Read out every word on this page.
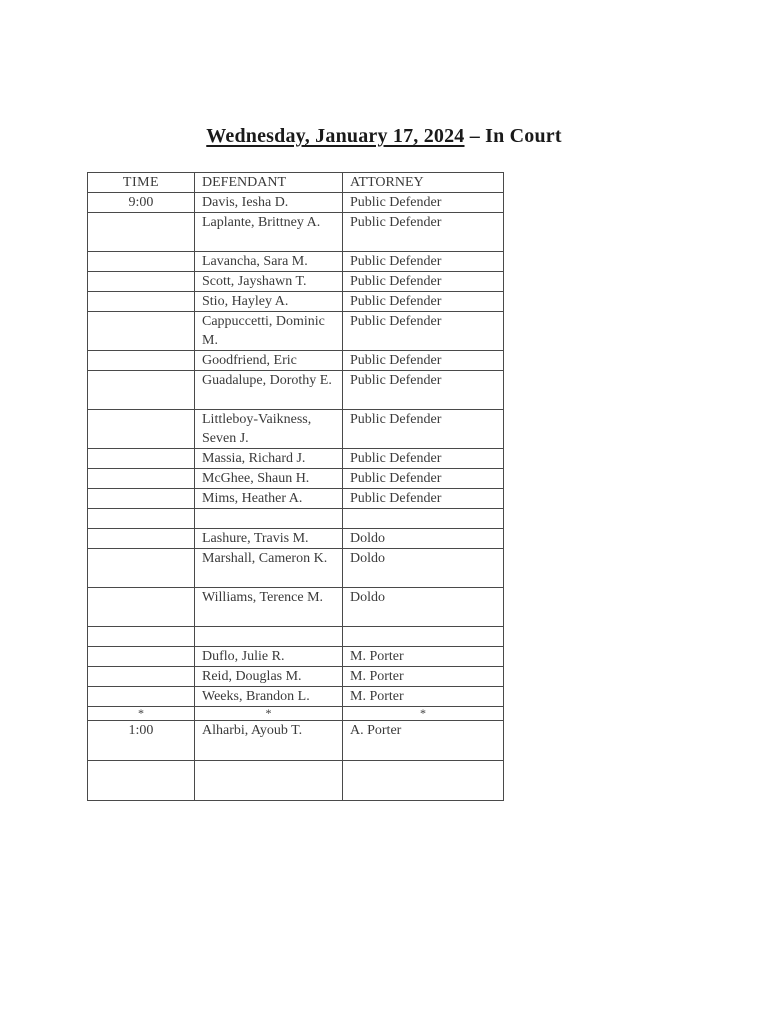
Wednesday, January 17, 2024 – In Court
TIME	DEFENDANT	ATTORNEY
9:00	Davis, Iesha D.	Public Defender
	Laplante, Brittney A.	Public Defender
	Lavancha, Sara M.	Public Defender
	Scott, Jayshawn T.	Public Defender
	Stio, Hayley A.	Public Defender
	Cappuccetti, Dominic M.	Public Defender
	Goodfriend, Eric	Public Defender
	Guadalupe, Dorothy E.	Public Defender
	Littleboy-Vaikness, Seven J.	Public Defender
	Massia, Richard J.	Public Defender
	McGhee, Shaun H.	Public Defender
	Mims, Heather A.	Public Defender

	Lashure, Travis M.	Doldo
	Marshall, Cameron K.	Doldo
	Williams, Terence M.	Doldo

	Duflo, Julie R.	M. Porter
	Reid, Douglas M.	M. Porter
	Weeks, Brandon L.	M. Porter
*	*	*
1:00	Alharbi, Ayoub T.	A. Porter
